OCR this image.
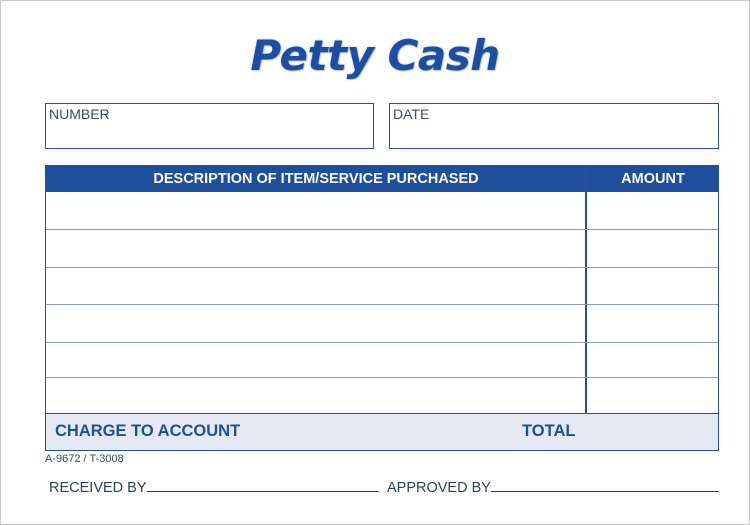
Petty Cash
NUMBER	DATE
DESCRIPTION OF ITEM/SERVICE PURCHASED	AMOUNT
CHARGE TO ACCOUNT	TOTAL
A-9672 / T-3008
RECEIVED BY	APPROVED BY
